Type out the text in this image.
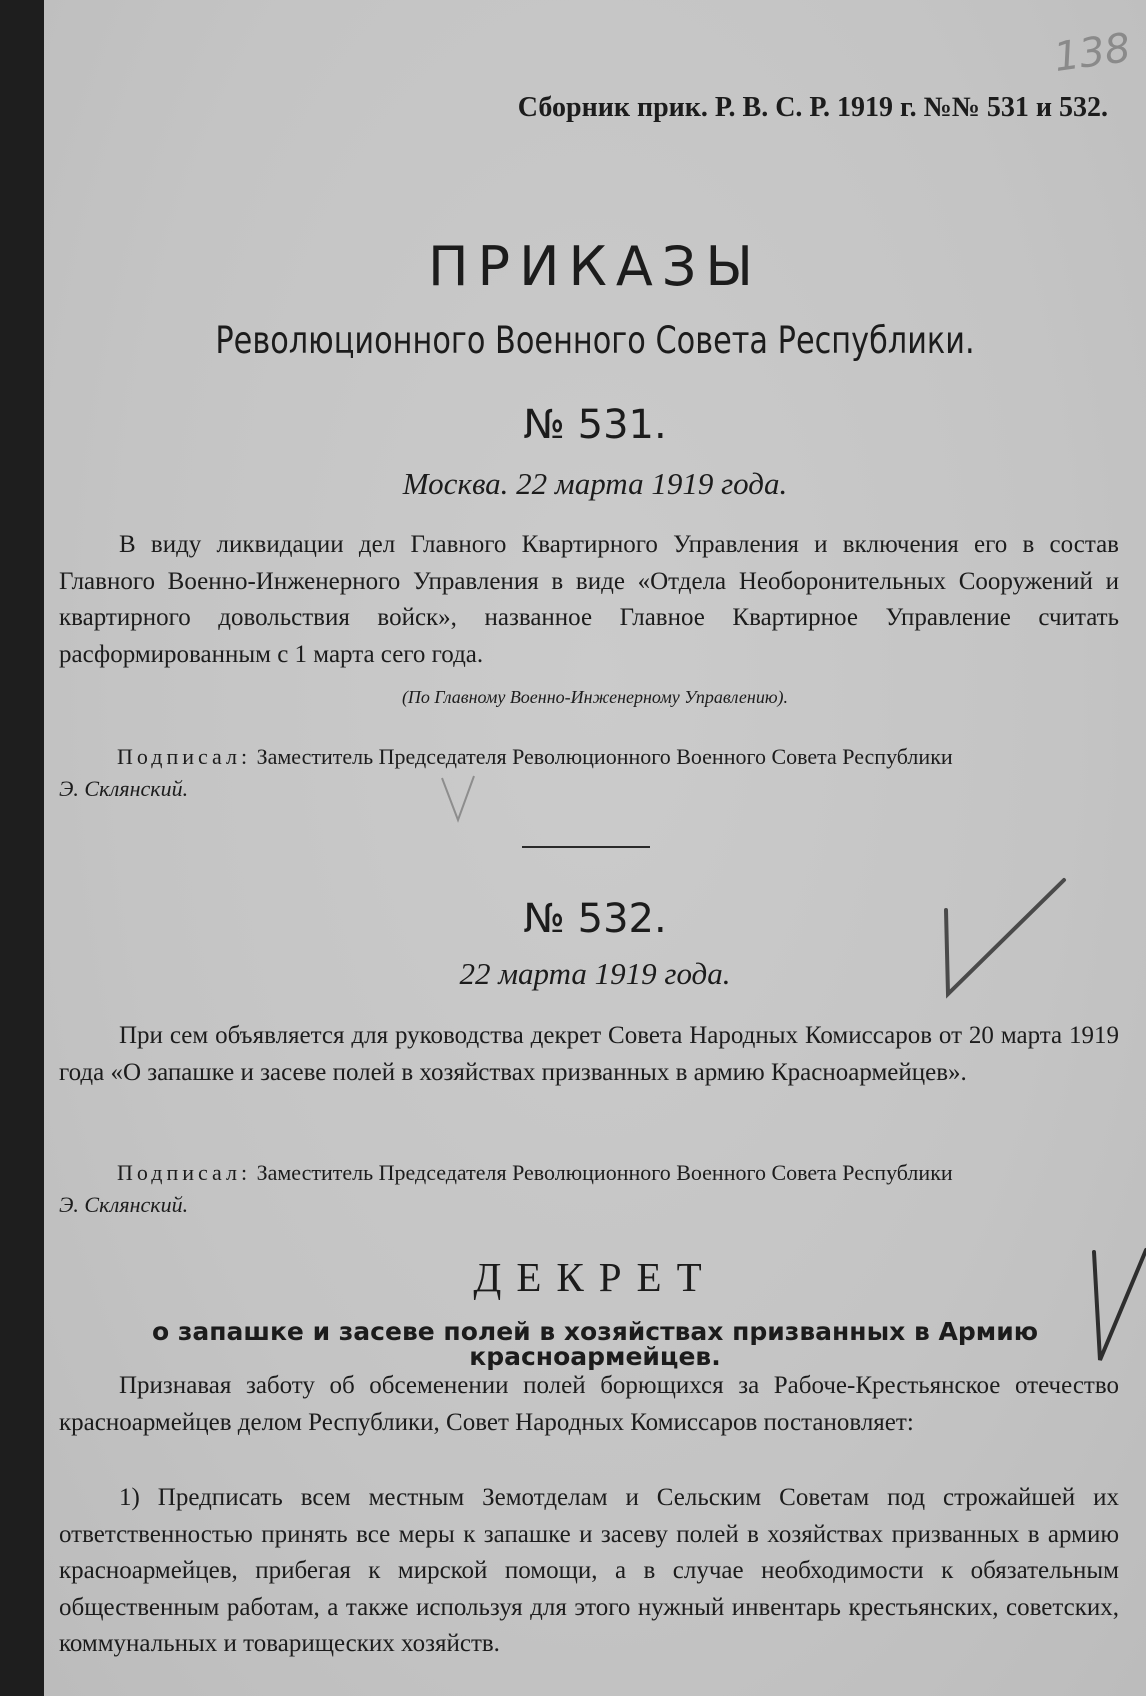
138
Сборник прик. Р. В. С. Р. 1919 г. №№ 531 и 532.
ПРИКАЗЫ
Революционного Военного Совета Республики.
№ 531.
Москва. 22 марта 1919 года.
В виду ликвидации дел Главного Квартирного Управления и включения его в состав Главного Военно-Инженерного Управления в виде «Отдела Необоронительных Сооружений и квартирного довольствия войск», названное Главное Квартирное Управление считать расформированным с 1 марта сего года.
(По Главному Военно-Инженерному Управлению).
Подписал: Заместитель Председателя Революционного Военного Совета Республики
Э. Склянский.
№ 532.
22 марта 1919 года.
При сем объявляется для руководства декрет Совета Народных Комиссаров от 20 марта 1919 года «О запашке и засеве полей в хозяйствах призванных в армию Красноармейцев».
Подписал: Заместитель Председателя Революционного Военного Совета Республики
Э. Склянский.
ДЕКРЕТ
о запашке и засеве полей в хозяйствах призванных в Армию красноармейцев.
Признавая заботу об обсеменении полей борющихся за Рабоче-Крестьянское отечество красноармейцев делом Республики, Совет Народных Комиссаров постановляет:
1) Предписать всем местным Земотделам и Сельским Советам под строжайшей их ответственностью принять все меры к запашке и засеву полей в хозяйствах призванных в армию красноармейцев, прибегая к мирской помощи, а в случае необходимости к обязательным общественным работам, а также используя для этого нужный инвентарь крестьянских, советских, коммунальных и товарищеских хозяйств.
